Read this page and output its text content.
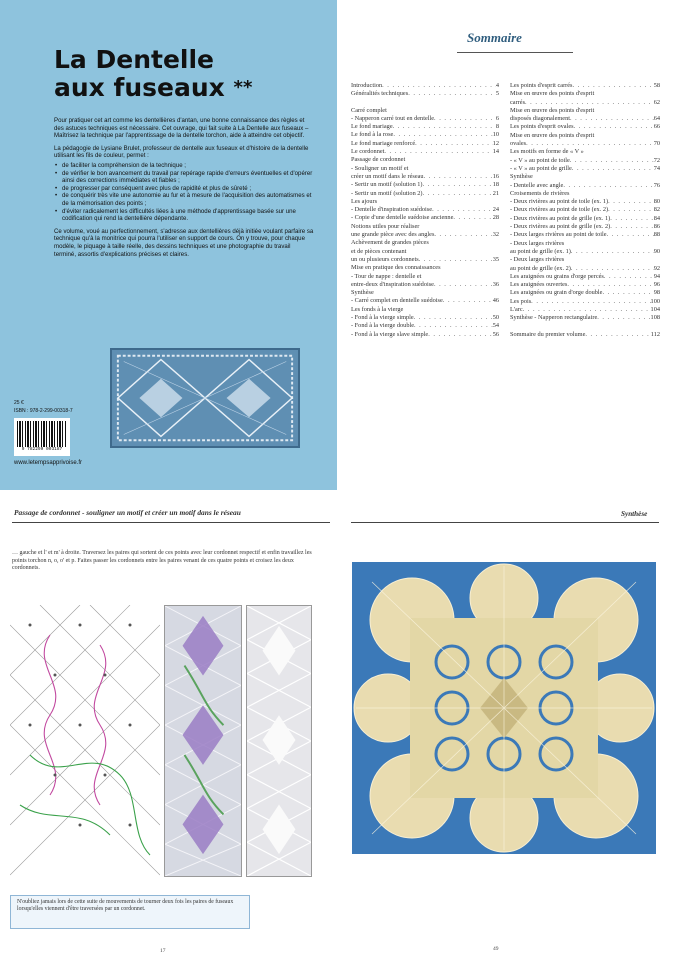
La Dentelle
aux fuseaux **

Pour pratiquer cet art comme les dentellières d'antan, une bonne connaissance des règles et des astuces techniques est nécessaire. Cet ouvrage, qui fait suite à La Dentelle aux fuseaux – Maîtrisez la technique par l'apprentissage de la dentelle torchon, aide à atteindre cet objectif.

La pédagogie de Lysiane Brulet, professeur de dentelle aux fuseaux et d'histoire de la dentelle utilisant les fils de couleur, permet :

• de faciliter la compréhension de la technique ;
• de vérifier le bon avancement du travail par repérage rapide d'erreurs éventuelles et d'opérer ainsi des corrections immédiates et fiables ;
• de progresser par conséquent avec plus de rapidité et plus de sûreté ;
• de conquérir très vite une autonomie au fur et à mesure de l'acquisition des automatismes et de la mémorisation des points ;
• d'éviter radicalement les difficultés liées à une méthode d'apprentissage basée sur une codification qui rend la dentellière dépendante.

Ce volume, voué au perfectionnement, s'adresse aux dentellières déjà initiée voulant parfaire sa technique qu'à la monitrice qui pourra l'utiliser en support de cours. On y trouve, pour chaque modèle, le piquage à taille réelle, des dessins techniques et une photographie du travail terminé, assortis d'explications précises et claires.

25 €
ISBN : 978-2-299-00318-7
9 782299 003187
www.letempsapprivoise.fr
Sommaire
Introduction . . .	4
Généralités techniques . . .	5
Carré complet
- Napperon carré tout en dentelle . . .	6
Le fond mariage . . .	8
Le fond à la rose . . .	10
Le fond mariage renforcé . . .	12
Le cordonnet . . .	14
Passage de cordonnet
- Souligner un motif et
créer un motif dans le réseau . . .	16
- Sertir un motif (solution 1) . . .	18
- Sertir un motif (solution 2) . . .	21
Les ajours
- Dentelle d'inspiration suédoise . . .	24
- Copie d'une dentelle suédoise ancienne . . .	28
Notions utiles pour réaliser
une grande pièce avec des angles . . .	32
Achèvement de grandes pièces
et de pièces contenant
un ou plusieurs cordonnets . . .	35
Mise en pratique des connaissances
- Tour de nappe : dentelle et
entre-deux d'inspiration suédoise . . .	36
Synthèse
- Carré complet en dentelle suédoise . . .	46
Les fonds à la vierge
- Fond à la vierge simple . . .	50
- Fond à la vierge double . . .	54
- Fond à la vierge slave simple . . .	56
Les points d'esprit carrés . . .	58
Mise en œuvre des points d'esprit
carrés . . .	62
Mise en œuvre des points d'esprit
disposés diagonalement . . .	64
Les points d'esprit ovales . . .	66
Mise en œuvre des points d'esprit
ovales . . .	70
Les motifs en forme de « V »
- « V » au point de toile . . .	72
- « V » au point de grille . . .	74
Synthèse
- Dentelle avec angle . . .	76
Croisements de rivières
- Deux rivières au point de toile (ex. 1) . . .	80
- Deux rivières au point de toile (ex. 2) . . .	82
- Deux rivières au point de grille (ex. 1) . . .	84
- Deux rivières au point de grille (ex. 2) . . .	86
- Deux larges rivières au point de toile . . .	88
- Deux larges rivières
au point de grille (ex. 1) . . .	90
- Deux larges rivières
au point de grille (ex. 2) . . .	92
Les araignées ou grains d'orge percés . . .	94
Les araignées ouvertes . . .	96
Les araignées ou grain d'orge double . . .	98
Les pois . . .	100
L'arc . . .	104
Synthèse - Napperon rectangulaire . . .	108
Sommaire du premier volume . . .	112
Passage de cordonnet - souligner un motif et créer un motif dans le réseau
… gauche et l' et m' à droite. Traversez les paires qui sortent de ces points avec leur cordonnet respectif et enfin travaillez les points torchon n, o, o' et p. Faites passer les cordonnets entre les paires venant de ces quatre points et croisez les deux cordonnets.
N'oubliez jamais lors de cette suite de mouvements de tourner deux fois les paires de fuseaux lorsqu'elles viennent d'être traversées par un cordonnet.
17
Synthèse
49
